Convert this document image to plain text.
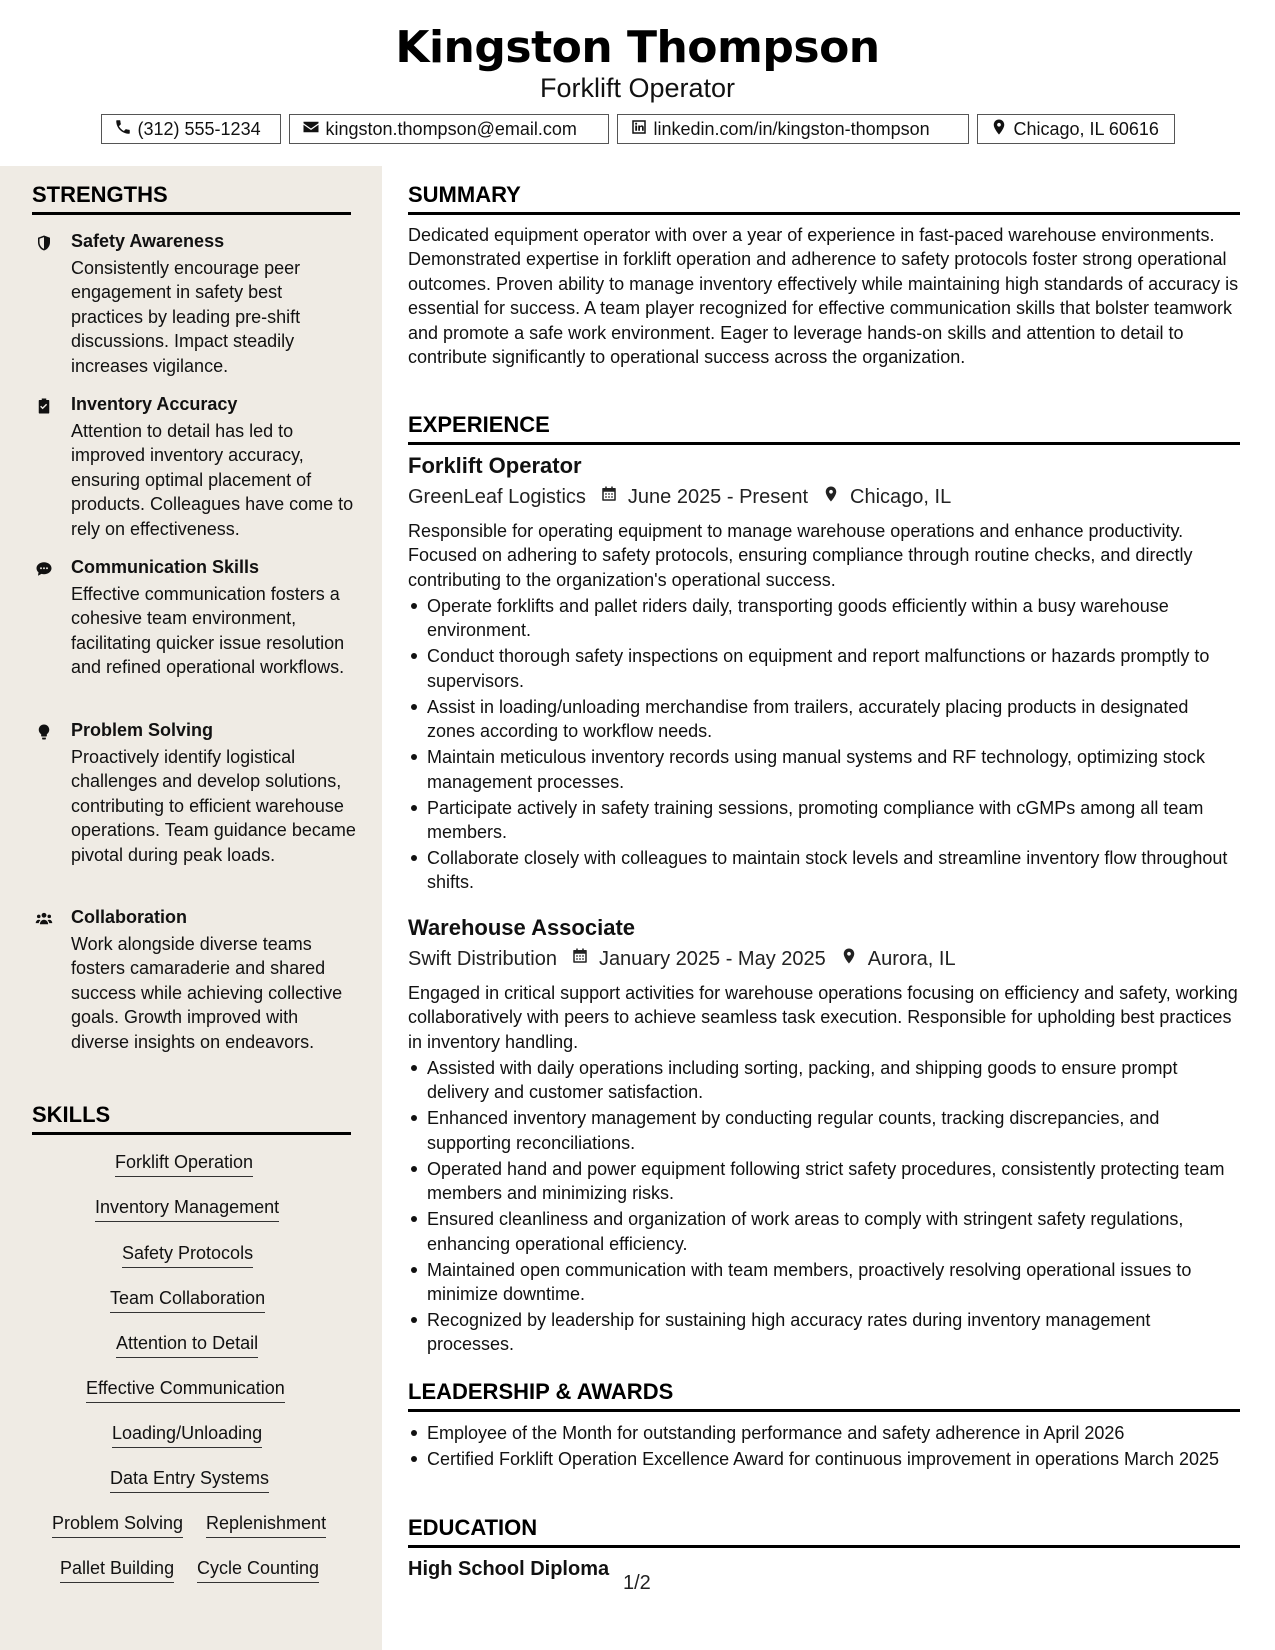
Kingston Thompson
Forklift Operator
(312) 555-1234	kingston.thompson@email.com	linkedin.com/in/kingston-thompson	Chicago, IL 60616
STRENGTHS
Safety Awareness
Consistently encourage peer engagement in safety best practices by leading pre-shift discussions. Impact steadily increases vigilance.
Inventory Accuracy
Attention to detail has led to improved inventory accuracy, ensuring optimal placement of products. Colleagues have come to rely on effectiveness.
Communication Skills
Effective communication fosters a cohesive team environment, facilitating quicker issue resolution and refined operational workflows.
Problem Solving
Proactively identify logistical challenges and develop solutions, contributing to efficient warehouse operations. Team guidance became pivotal during peak loads.
Collaboration
Work alongside diverse teams fosters camaraderie and shared success while achieving collective goals. Growth improved with diverse insights on endeavors.
SKILLS
Forklift Operation
Inventory Management
Safety Protocols
Team Collaboration
Attention to Detail
Effective Communication
Loading/Unloading
Data Entry Systems
Problem Solving Replenishment
Pallet Building Cycle Counting
SUMMARY
Dedicated equipment operator with over a year of experience in fast-paced warehouse environments. Demonstrated expertise in forklift operation and adherence to safety protocols foster strong operational outcomes. Proven ability to manage inventory effectively while maintaining high standards of accuracy is essential for success. A team player recognized for effective communication skills that bolster teamwork and promote a safe work environment. Eager to leverage hands-on skills and attention to detail to contribute significantly to operational success across the organization.
EXPERIENCE
Forklift Operator
GreenLeaf Logistics June 2025 - Present Chicago, IL
Responsible for operating equipment to manage warehouse operations and enhance productivity. Focused on adhering to safety protocols, ensuring compliance through routine checks, and directly contributing to the organization's operational success.
Operate forklifts and pallet riders daily, transporting goods efficiently within a busy warehouse environment.
Conduct thorough safety inspections on equipment and report malfunctions or hazards promptly to supervisors.
Assist in loading/unloading merchandise from trailers, accurately placing products in designated zones according to workflow needs.
Maintain meticulous inventory records using manual systems and RF technology, optimizing stock management processes.
Participate actively in safety training sessions, promoting compliance with cGMPs among all team members.
Collaborate closely with colleagues to maintain stock levels and streamline inventory flow throughout shifts.
Warehouse Associate
Swift Distribution January 2025 - May 2025 Aurora, IL
Engaged in critical support activities for warehouse operations focusing on efficiency and safety, working collaboratively with peers to achieve seamless task execution. Responsible for upholding best practices in inventory handling.
Assisted with daily operations including sorting, packing, and shipping goods to ensure prompt delivery and customer satisfaction.
Enhanced inventory management by conducting regular counts, tracking discrepancies, and supporting reconciliations.
Operated hand and power equipment following strict safety procedures, consistently protecting team members and minimizing risks.
Ensured cleanliness and organization of work areas to comply with stringent safety regulations, enhancing operational efficiency.
Maintained open communication with team members, proactively resolving operational issues to minimize downtime.
Recognized by leadership for sustaining high accuracy rates during inventory management processes.
LEADERSHIP & AWARDS
Employee of the Month for outstanding performance and safety adherence in April 2026
Certified Forklift Operation Excellence Award for continuous improvement in operations March 2025
EDUCATION
High School Diploma
1/2
